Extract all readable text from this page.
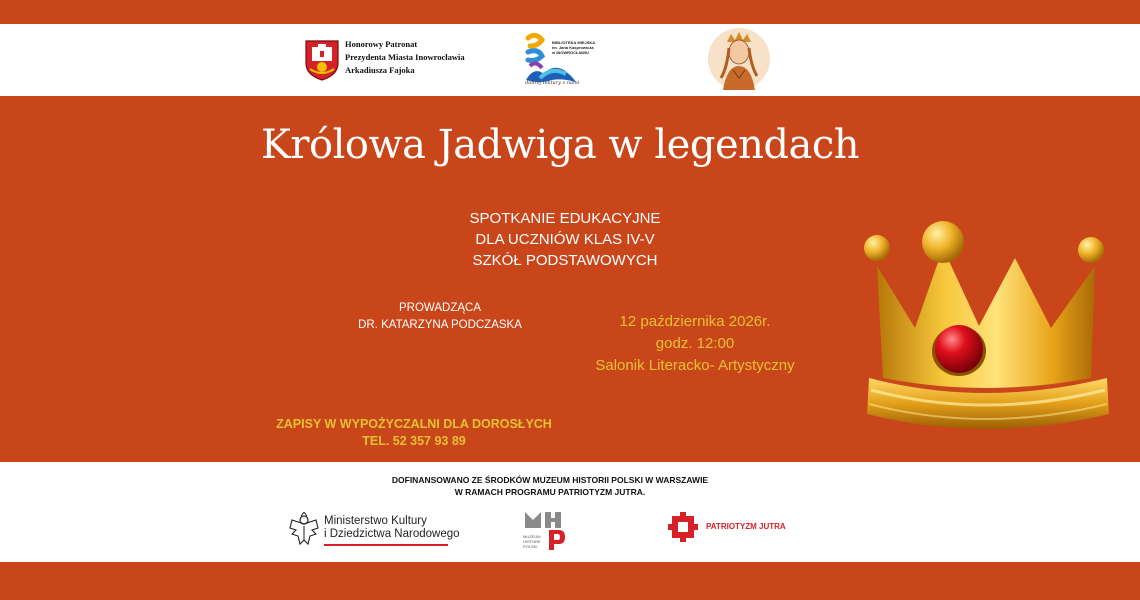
Honorowy Patronat
Prezydenta Miasta Inowrocławia
Arkadiusza Fajoka
BIBLIOTEKA MIEJSKA
im. Jana Kasprowicza
w INOWROCŁAWIU
dobrej lektury z nami
Królowa Jadwiga w legendach
SPOTKANIE EDUKACYJNE
DLA UCZNIÓW KLAS IV-V
SZKÓŁ PODSTAWOWYCH
PROWADZĄCA
DR. KATARZYNA PODCZASKA	12 października 2026r.
godz. 12:00
Salonik Literacko- Artystyczny
ZAPISY W WYPOŻYCZALNI DLA DOROSŁYCH
TEL. 52 357 93 89
DOFINANSOWANO ZE ŚRODKÓW MUZEUM HISTORII POLSKI W WARSZAWIE
W RAMACH PROGRAMU PATRIOTYZM JUTRA.
Ministerstwo Kultury
i Dziedzictwa Narodowego	MUZEUM
HISTORII
POLSKI
PATRIOTYZM JUTRA
